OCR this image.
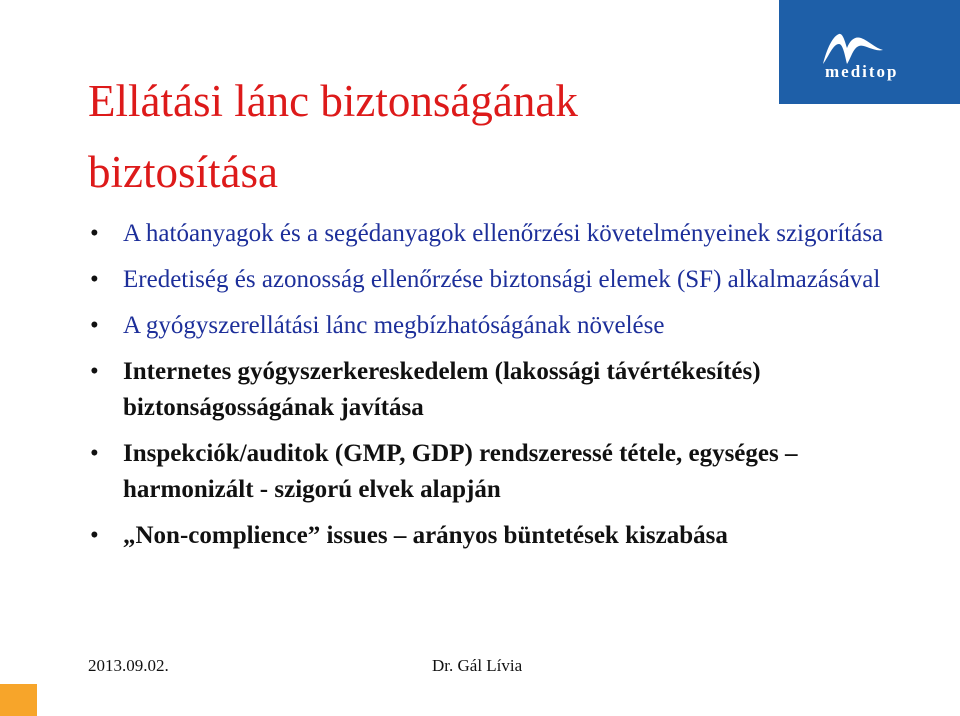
meditop
Ellátási lánc biztonságának biztosítása
• A hatóanyagok és a segédanyagok ellenőrzési követelményeinek szigorítása
• Eredetiség és azonosság ellenőrzése biztonsági elemek (SF) alkalmazásával
• A gyógyszerellátási lánc megbízhatóságának növelése
• Internetes gyógyszerkereskedelem (lakossági távértékesítés) biztonságosságának javítása
• Inspekciók/auditok (GMP, GDP) rendszeressé tétele, egységes – harmonizált - szigorú elvek alapján
• „Non-complience” issues – arányos büntetések kiszabása
2013.09.02.	Dr. Gál Lívia
